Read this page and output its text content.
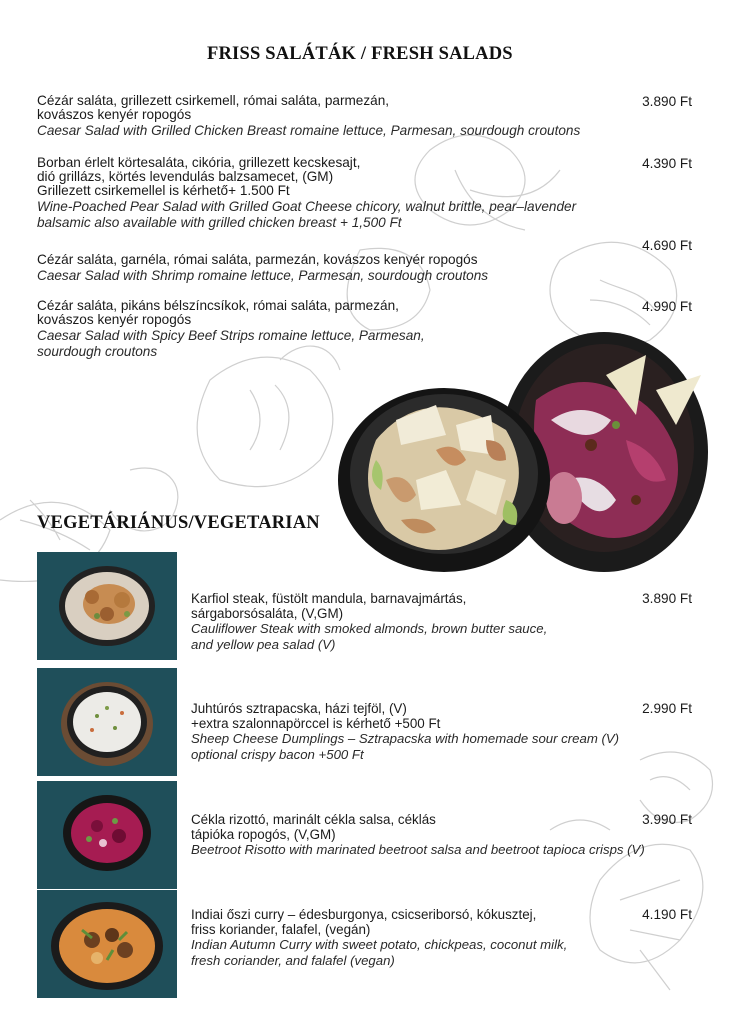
FRISS SALÁTÁK / FRESH SALADS
Cézár saláta, grillezett csirkemell, római saláta, parmezán,
kovászos kenyér ropogós
Caesar Salad with Grilled Chicken Breast romaine lettuce, Parmesan, sourdough croutons
3.890 Ft
Borban érlelt körtesaláta, cikória, grillezett kecskesajt,
dió grillázs, körtés levendulás balzsamecet, (GM)
Grillezett csirkemellel is kérhető+ 1.500 Ft
Wine-Poached Pear Salad with Grilled Goat Cheese chicory, walnut brittle, pear–lavender
balsamic also available with grilled chicken breast + 1,500 Ft
4.390 Ft
Cézár saláta, garnéla, római saláta, parmezán, kovászos kenyér ropogós
Caesar Salad with Shrimp romaine lettuce, Parmesan, sourdough croutons
4.690 Ft
Cézár saláta, pikáns bélszíncsíkok, római saláta, parmezán,
kovászos kenyér ropogós
Caesar Salad with Spicy Beef Strips romaine lettuce, Parmesan,
sourdough croutons
4.990 Ft
VEGETÁRIÁNUS/VEGETARIAN
Karfiol steak, füstölt mandula, barnavajmártás,
sárgaborsósaláta, (V,GM)
Cauliflower Steak with smoked almonds, brown butter sauce,
and yellow pea salad (V)
3.890 Ft
Juhtúrós sztrapacska, házi tejföl, (V)
+extra szalonnapörccel is kérhető +500 Ft
Sheep Cheese Dumplings – Sztrapacska with homemade sour cream (V)
optional crispy bacon +500 Ft
2.990 Ft
Cékla rizottó, marinált cékla salsa, céklás
tápióka ropogós, (V,GM)
Beetroot Risotto with marinated beetroot salsa and beetroot tapioca crisps (V)
3.990 Ft
Indiai őszi curry – édesburgonya, csicseriborsó, kókusztej,
friss koriander, falafel, (vegán)
Indian Autumn Curry with sweet potato, chickpeas, coconut milk,
fresh coriander, and falafel (vegan)
4.190 Ft
